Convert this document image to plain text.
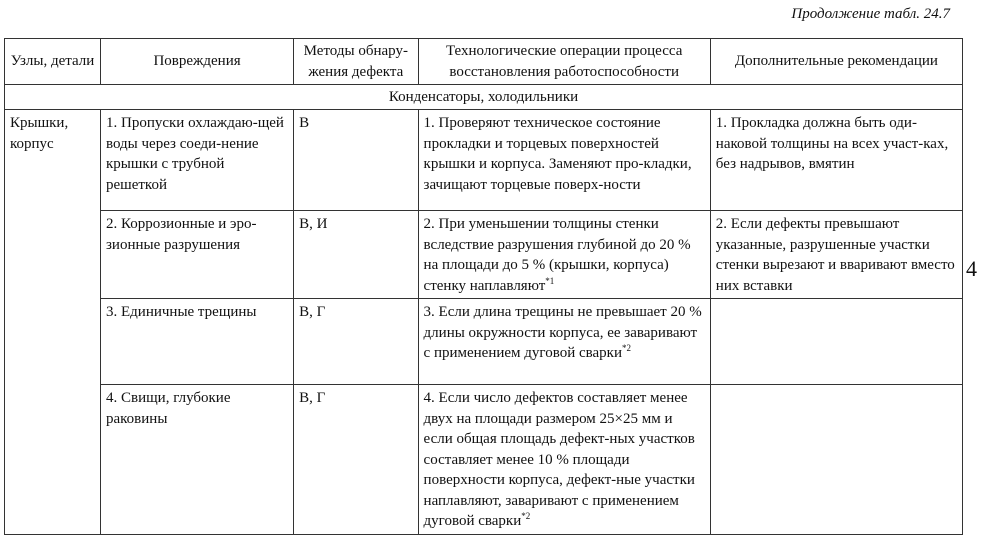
Продолжение табл. 24.7
Узлы, детали	Повреждения	Методы обнару-жения дефекта	Технологические операции процесса восстановления работоспособности	Дополнительные рекомендации
Конденсаторы, холодильники				
Крышки, корпус	1. Пропуски охлаждаю-щей воды через соеди-нение крышки с трубной решеткой	В	1. Проверяют техническое состояние прокладки и торцевых поверхностей крышки и корпуса. Заменяют про-кладки, зачищают торцевые поверх-ности	1. Прокладка должна быть оди-наковой толщины на всех участ-ках, без надрывов, вмятин
	2. Коррозионные и эро-зионные разрушения	В, И	2. При уменьшении толщины стенки вследствие разрушения глубиной до 20 % на площади до 5 % (крышки, корпуса) стенку наплавляют$^{*1}$	2. Если дефекты превышают указанные, разрушенные участки стенки вырезают и вваривают вместо них вставки
	3. Единичные трещины	В, Г	3. Если длина трещины не превышает 20 % длины окружности корпуса, ее заваривают с применением дуговой сварки$^{*2}$	
	4. Свищи, глубокие раковины	В, Г	4. Если число дефектов составляет менее двух на площади размером 25×25 мм и если общая площадь дефект-ных участков составляет менее 10 % площади поверхности корпуса, дефект-ные участки наплавляют, заваривают с применением дуговой сварки$^{*2}$	
4
